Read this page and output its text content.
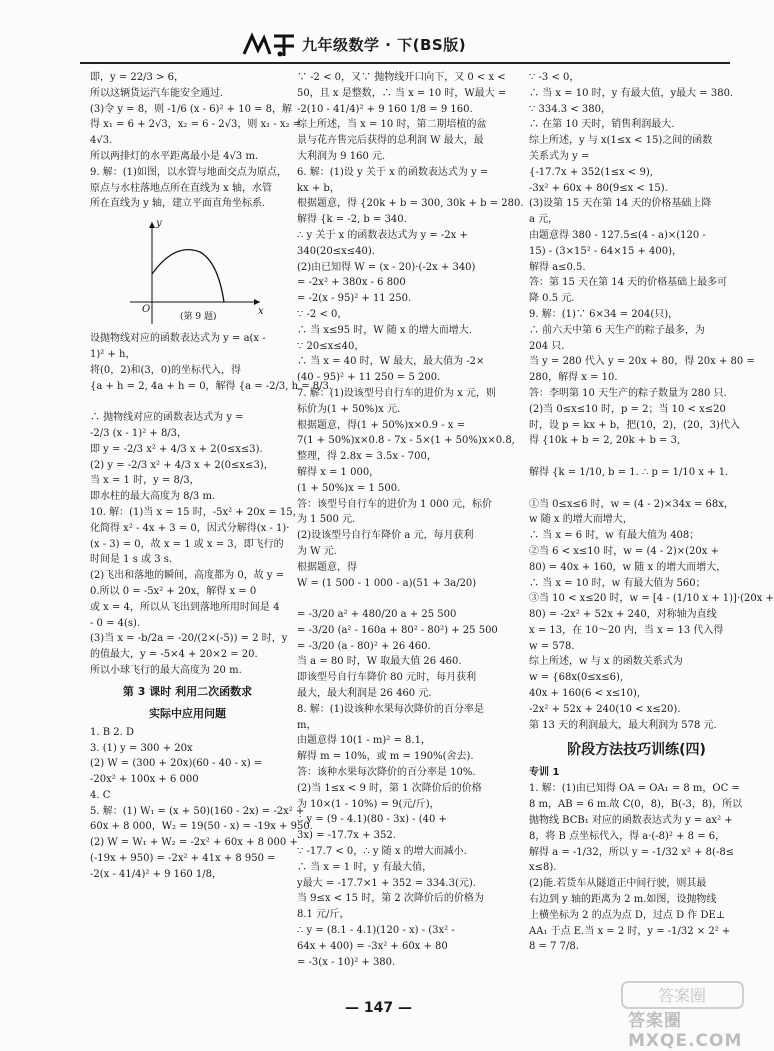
九年级数学 · 下(BS版)
即，y = 22/3 > 6，
所以这辆货运汽车能安全通过.
(3)令 y = 8，则 -1/6 (x - 6)² + 10 = 8，解
得 x₁ = 6 + 2√3，x₂ = 6 - 2√3，则 x₁ - x₂ =
4√3.
所以两排灯的水平距离最小是 4√3 m.
9. 解：(1)如图，以水管与地面交点为原点，
原点与水柱落地点所在直线为 x 轴，水管
所在直线为 y 轴，建立平面直角坐标系.
y
x
O
(第 9 题)
设抛物线对应的函数表达式为 y = a(x -
1)² + h，
将(0，2)和(3，0)的坐标代入，得
{a + h = 2, 4a + h = 0，解得 {a = -2/3, h = 8/3.
∴ 抛物线对应的函数表达式为 y =
-2/3 (x - 1)² + 8/3，
即 y = -2/3 x² + 4/3 x + 2(0≤x≤3).
(2) y = -2/3 x² + 4/3 x + 2(0≤x≤3)，
当 x = 1 时，y = 8/3，
即水柱的最大高度为 8/3 m.
10. 解：(1)当 x = 15 时，-5x² + 20x = 15，
化简得 x² - 4x + 3 = 0，因式分解得(x - 1)·
(x - 3) = 0，故 x = 1 或 x = 3，即飞行的
时间是 1 s 或 3 s.
(2)飞出和落地的瞬间，高度都为 0，故 y =
0.所以 0 = -5x² + 20x，解得 x = 0
或 x = 4，所以从飞出到落地所用时间是 4
- 0 = 4(s).
(3)当 x = -b/2a = -20/(2×(-5)) = 2 时，y
的值最大，y = -5×4 + 20×2 = 20.
所以小球飞行的最大高度为 20 m.
第 3 课时 利用二次函数求
实际中应用问题
1. B 2. D
3. (1) y = 300 + 20x
(2) W = (300 + 20x)(60 - 40 - x) =
-20x² + 100x + 6 000
4. C
5. 解：(1) W₁ = (x + 50)(160 - 2x) = -2x² +
60x + 8 000，W₂ = 19(50 - x) = -19x + 950.
(2) W = W₁ + W₂ = -2x² + 60x + 8 000 +
(-19x + 950) = -2x² + 41x + 8 950 =
-2(x - 41/4)² + 9 160 1/8，
∵ -2 < 0，又∵ 抛物线开口向下，又 0 < x <
50，且 x 是整数，∴ 当 x = 10 时，W最大 =
-2(10 - 41/4)² + 9 160 1/8 = 9 160.
综上所述，当 x = 10 时，第二期培植的盆
景与花卉售完后获得的总利润 W 最大，最
大利润为 9 160 元.
6. 解：(1)设 y 关于 x 的函数表达式为 y =
kx + b，
根据题意，得 {20k + b = 300, 30k + b = 280.
解得 {k = -2, b = 340.
∴ y 关于 x 的函数表达式为 y = -2x +
340(20≤x≤40).
(2)由已知得 W = (x - 20)·(-2x + 340)
= -2x² + 380x - 6 800
= -2(x - 95)² + 11 250.
∵ -2 < 0，
∴ 当 x≤95 时，W 随 x 的增大而增大.
∵ 20≤x≤40，
∴ 当 x = 40 时，W 最大，最大值为 -2×
(40 - 95)² + 11 250 = 5 200.
7. 解：(1)设该型号自行车的进价为 x 元，则
标价为(1 + 50%)x 元.
根据题意，得(1 + 50%)x×0.9 - x =
7(1 + 50%)x×0.8 - 7x - 5×(1 + 50%)x×0.8,
整理，得 2.8x = 3.5x - 700，
解得 x = 1 000，
(1 + 50%)x = 1 500.
答：该型号自行车的进价为 1 000 元，标价
为 1 500 元.
(2)设该型号自行车降价 a 元，每月获利
为 W 元.
根据题意，得
W = (1 500 - 1 000 - a)(51 + 3a/20)
= -3/20 a² + 480/20 a + 25 500
= -3/20 (a² - 160a + 80² - 80²) + 25 500
= -3/20 (a - 80)² + 26 460.
当 a = 80 时，W 取最大值 26 460.
即该型号自行车降价 80 元时，每月获利
最大，最大利润是 26 460 元.
8. 解：(1)设该种水果每次降价的百分率是
m，
由题意得 10(1 - m)² = 8.1，
解得 m = 10%，或 m = 190%(舍去).
答：该种水果每次降价的百分率是 10%.
(2)当 1≤x < 9 时，第 1 次降价后的价格
为 10×(1 - 10%) = 9(元/斤)，
∴ y = (9 - 4.1)(80 - 3x) - (40 +
3x) = -17.7x + 352.
∵ -17.7 < 0，∴ y 随 x 的增大而减小.
∴ 当 x = 1 时，y 有最大值，
y最大 = -17.7×1 + 352 = 334.3(元).
当 9≤x < 15 时，第 2 次降价后的价格为
8.1 元/斤，
∴ y = (8.1 - 4.1)(120 - x) - (3x² -
64x + 400) = -3x² + 60x + 80
= -3(x - 10)² + 380.
∵ -3 < 0，
∴ 当 x = 10 时，y 有最大值，y最大 = 380.
∵ 334.3 < 380，
∴ 在第 10 天时，销售利润最大.
综上所述，y 与 x(1≤x < 15)之间的函数
关系式为 y =
{-17.7x + 352(1≤x < 9),
-3x² + 60x + 80(9≤x < 15).
(3)设第 15 天在第 14 天的价格基础上降
a 元，
由题意得 380 - 127.5≤(4 - a)×(120 -
15) - (3×15² - 64×15 + 400)，
解得 a≤0.5.
答：第 15 天在第 14 天的价格基础上最多可
降 0.5 元.
9. 解：(1)∵ 6×34 = 204(只)，
∴ 前六天中第 6 天生产的粽子最多，为
204 只.
当 y = 280 代入 y = 20x + 80，得 20x + 80 =
280，解得 x = 10.
答：李明第 10 天生产的粽子数量为 280 只.
(2)当 0≤x≤10 时，p = 2；当 10 < x≤20
时，设 p = kx + b，把(10，2)，(20，3)代入
得 {10k + b = 2, 20k + b = 3,
解得 {k = 1/10, b = 1. ∴ p = 1/10 x + 1.
①当 0≤x≤6 时，w = (4 - 2)×34x = 68x，
w 随 x 的增大而增大，
∴ 当 x = 6 时，w 有最大值为 408；
②当 6 < x≤10 时，w = (4 - 2)×(20x +
80) = 40x + 160，w 随 x 的增大而增大，
∴ 当 x = 10 时，w 有最大值为 560；
③当 10 < x≤20 时，w = [4 - (1/10 x + 1)]·(20x +
80) = -2x² + 52x + 240，对称轴为直线
x = 13，在 10～20 内，当 x = 13 代入得
w = 578.
综上所述，w 与 x 的函数关系式为
w = {68x(0≤x≤6),
40x + 160(6 < x≤10),
-2x² + 52x + 240(10 < x≤20).
第 13 天的利润最大，最大利润为 578 元.
阶段方法技巧训练(四)
专训 1
1. 解：(1)由已知得 OA = OA₁ = 8 m，OC =
8 m，AB = 6 m.故 C(0，8)，B(-3，8)，所以
抛物线 BCB₁ 对应的函数表达式为 y = ax² +
8，将 B 点坐标代入，得 a·(-8)² + 8 = 6，
解得 a = -1/32，所以 y = -1/32 x² + 8(-8≤
x≤8).
(2)能.若货车从隧道正中间行驶，则其最
右边到 y 轴的距离为 2 m.如图，设抛物线
上横坐标为 2 的点为点 D，过点 D 作 DE⊥
AA₁ 于点 E.当 x = 2 时，y = -1/32 × 2² +
8 = 7 7/8.
— 147 —
答案圈
答案圈 MXQE.COM
